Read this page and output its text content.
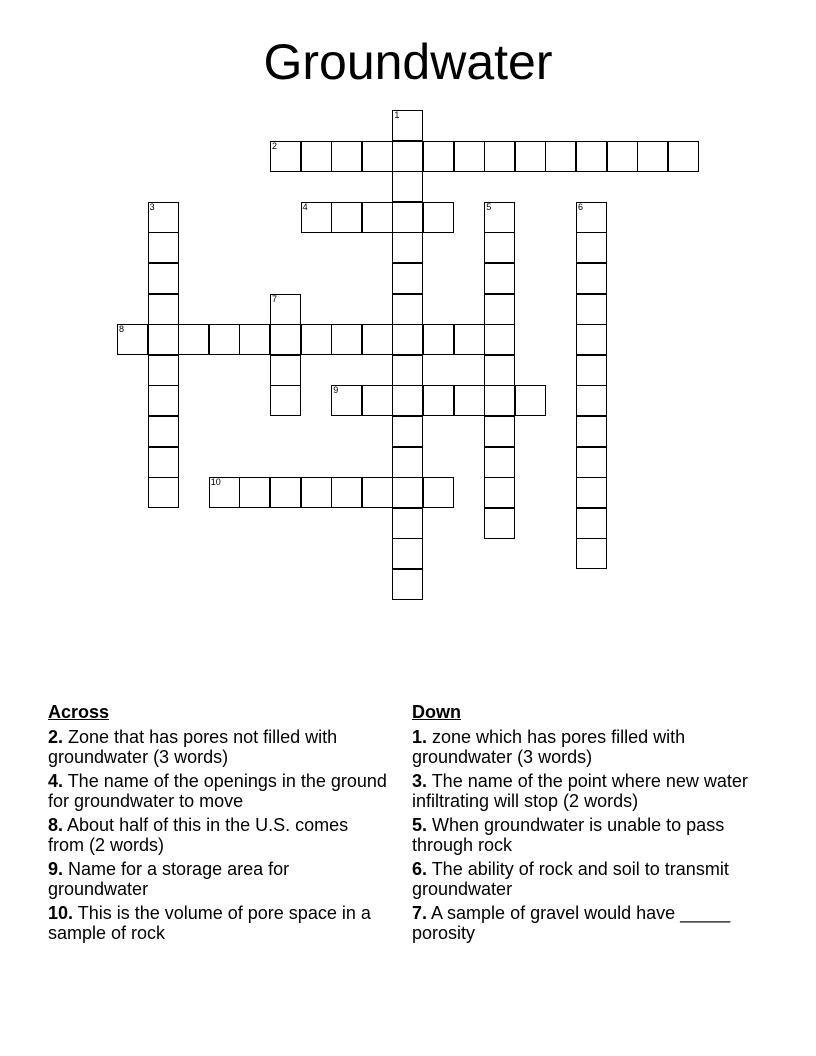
Groundwater
1
2
3	4	5	6
7
8
9
10
Across
2. Zone that has pores not filled with groundwater (3 words)
4. The name of the openings in the ground for groundwater to move
8. About half of this in the U.S. comes from (2 words)
9. Name for a storage area for groundwater
10. This is the volume of pore space in a sample of rock
Down
1. zone which has pores filled with groundwater (3 words)
3. The name of the point where new water infiltrating will stop (2 words)
5. When groundwater is unable to pass through rock
6. The ability of rock and soil to transmit groundwater
7. A sample of gravel would have _____ porosity
